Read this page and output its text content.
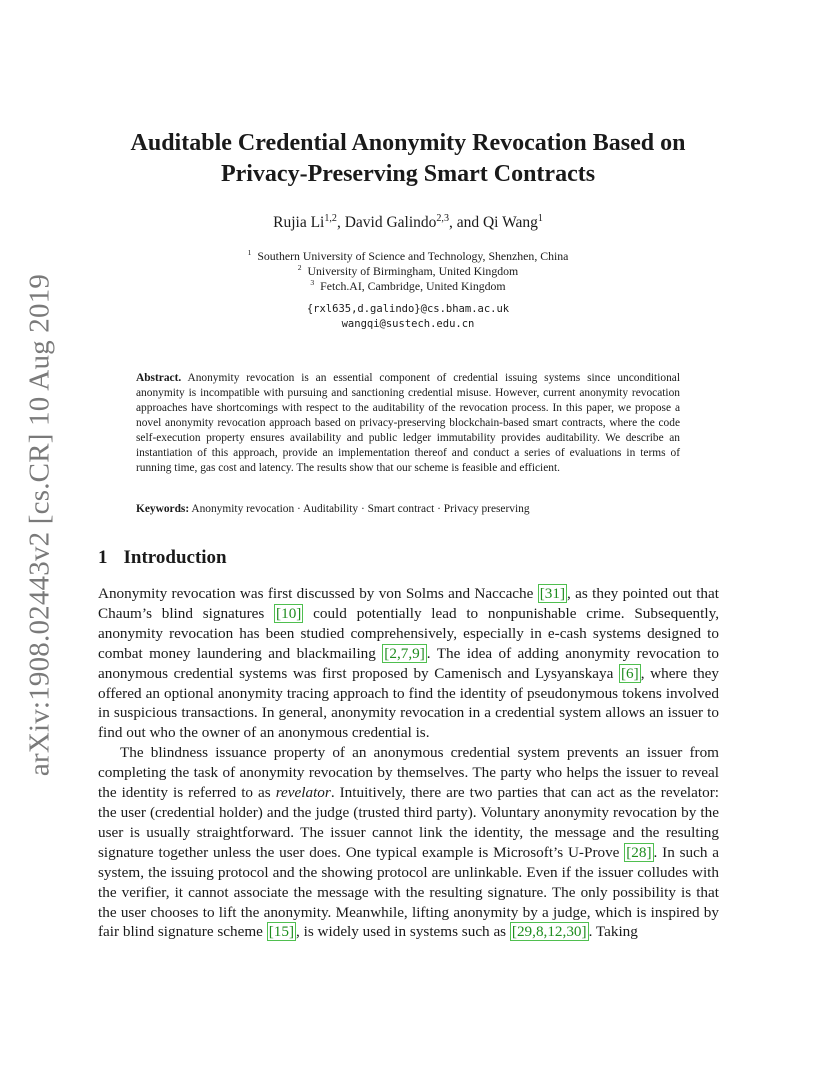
arXiv:1908.02443v2 [cs.CR] 10 Aug 2019
Auditable Credential Anonymity Revocation Based on
Privacy-Preserving Smart Contracts

Rujia Li$^{1,2}$, David Galindo$^{2,3}$, and Qi Wang$^1$

$^1$ Southern University of Science and Technology, Shenzhen, China

$^2$ University of Birmingham, United Kingdom

$^3$ Fetch.AI, Cambridge, United Kingdom

{rxl635,d.galindo}@cs.bham.ac.uk

wangqi@sustech.edu.cn

Abstract. Anonymity revocation is an essential component of credential issuing systems since unconditional anonymity is incompatible with pursuing and sanctioning credential misuse. However, current anonymity revocation approaches have shortcomings with respect to the auditability of the revocation process. In this paper, we propose a novel anonymity revocation approach based on privacy-preserving blockchain-based smart contracts, where the code self-execution property ensures availability and public ledger immutability provides auditability. We describe an instantiation of this approach, provide an implementation thereof and conduct a series of evaluations in terms of running time, gas cost and latency. The results show that our scheme is feasible and efficient.

Keywords: Anonymity revocation · Auditability · Smart contract · Privacy preserving

1 Introduction

Anonymity revocation was first discussed by von Solms and Naccache [31] , as they pointed out that Chaum’s blind signatures [10] could potentially lead to nonpunishable crime. Subsequently, anonymity revocation has been studied comprehensively, especially in e-cash systems designed to combat money laundering and blackmailing [2,7,9] . The idea of adding anonymity revocation to anonymous credential systems was first proposed by Camenisch and Lysyanskaya [6] , where they offered an optional anonymity tracing approach to find the identity of pseudonymous tokens involved in suspicious transactions. In general, anonymity revocation in a credential system allows an issuer to find out who the owner of an anonymous credential is.

The blindness issuance property of an anonymous credential system prevents an issuer from completing the task of anonymity revocation by themselves. The party who helps the issuer to reveal the identity is referred to as revelator. Intuitively, there are two parties that can act as the revelator: the user (credential holder) and the judge (trusted third party). Voluntary anonymity revocation by the user is usually straightforward. The issuer cannot link the identity, the message and the resulting signature together unless the user does. One typical example is Microsoft’s U-Prove [28] . In such a system, the issuing protocol and the showing protocol are unlinkable. Even if the issuer colludes with the verifier, it cannot associate the message with the resulting signature. The only possibility is that the user chooses to lift the anonymity. Meanwhile, lifting anonymity by a judge, which is inspired by fair blind signature scheme [15] , is widely used in systems such as [29,8,12,30] . Taking
